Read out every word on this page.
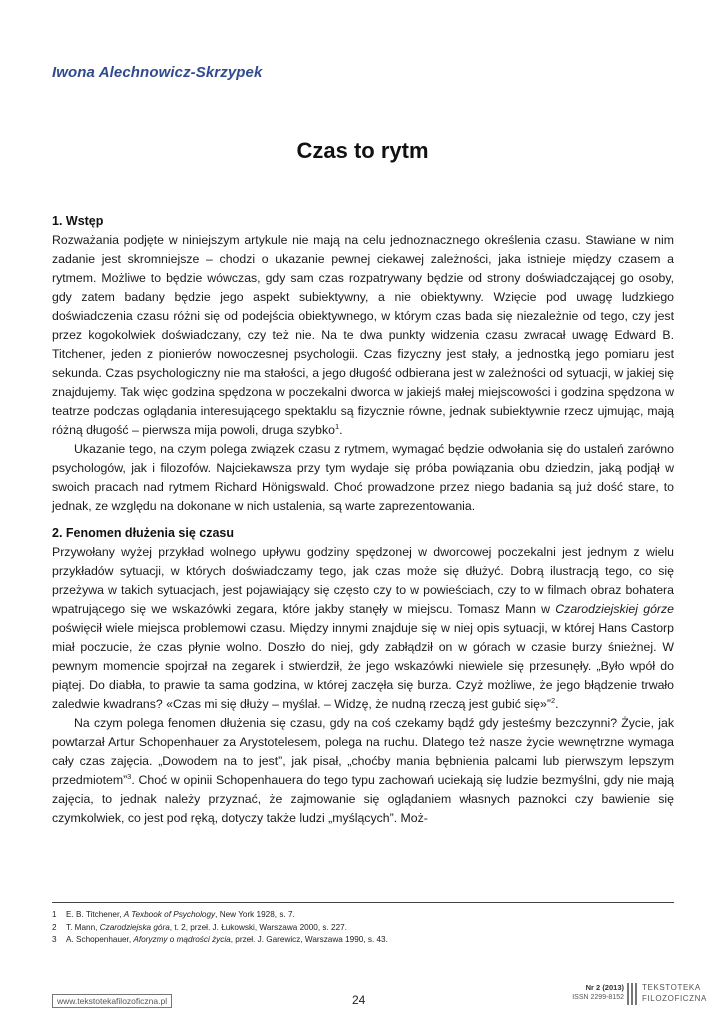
Iwona Alechnowicz-Skrzypek
Czas to rytm
1. Wstęp

Rozważania podjęte w niniejszym artykule nie mają na celu jednoznacznego określenia czasu. Stawiane w nim zadanie jest skromniejsze – chodzi o ukazanie pewnej ciekawej zależności, jaka istnieje między czasem a rytmem. Możliwe to będzie wówczas, gdy sam czas rozpatrywany będzie od strony doświadczającej go osoby, gdy zatem badany będzie jego aspekt subiektywny, a nie obiektywny. Wzięcie pod uwagę ludzkiego doświadczenia czasu różni się od podejścia obiektywnego, w którym czas bada się niezależnie od tego, czy jest przez kogokolwiek doświadczany, czy też nie. Na te dwa punkty widzenia czasu zwracał uwagę Edward B. Titchener, jeden z pionierów nowoczesnej psychologii. Czas fizyczny jest stały, a jednostką jego pomiaru jest sekunda. Czas psychologiczny nie ma stałości, a jego długość odbierana jest w zależności od sytuacji, w jakiej się znajdujemy. Tak więc godzina spędzona w poczekalni dworca w jakiejś małej miejscowości i godzina spędzona w teatrze podczas oglądania interesującego spektaklu są fizycznie równe, jednak subiektywnie rzecz ujmując, mają różną długość – pierwsza mija powoli, druga szybko$^1$.

Ukazanie tego, na czym polega związek czasu z rytmem, wymagać będzie odwołania się do ustaleń zarówno psychologów, jak i filozofów. Najciekawsza przy tym wydaje się próba powiązania obu dziedzin, jaką podjął w swoich pracach nad rytmem Richard Hönigswald. Choć prowadzone przez niego badania są już dość stare, to jednak, ze względu na dokonane w nich ustalenia, są warte zaprezentowania.

2. Fenomen dłużenia się czasu

Przywołany wyżej przykład wolnego upływu godziny spędzonej w dworcowej poczekalni jest jednym z wielu przykładów sytuacji, w których doświadczamy tego, jak czas może się dłużyć. Dobrą ilustracją tego, co się przeżywa w takich sytuacjach, jest pojawiający się często czy to w powieściach, czy to w filmach obraz bohatera wpatrującego się we wskazówki zegara, które jakby stanęły w miejscu. Tomasz Mann w Czarodziejskiej górze poświęcił wiele miejsca problemowi czasu. Między innymi znajduje się w niej opis sytuacji, w której Hans Castorp miał poczucie, że czas płynie wolno. Doszło do niej, gdy zabłądził on w górach w czasie burzy śnieżnej. W pewnym momencie spojrzał na zegarek i stwierdził, że jego wskazówki niewiele się przesunęły. „Było wpół do piątej. Do diabła, to prawie ta sama godzina, w której zaczęła się burza. Czyż możliwe, że jego błądzenie trwało zaledwie kwadrans? «Czas mi się dłuży – myślał. – Widzę, że nudną rzeczą jest gubić się»”$^2$.

Na czym polega fenomen dłużenia się czasu, gdy na coś czekamy bądź gdy jesteśmy bezczynni? Życie, jak powtarzał Artur Schopenhauer za Arystotelesem, polega na ruchu. Dlatego też nasze życie wewnętrzne wymaga cały czas zajęcia. „Dowodem na to jest”, jak pisał, „choćby mania bębnienia palcami lub pierwszym lepszym przedmiotem”$^3$. Choć w opinii Schopenhauera do tego typu zachowań uciekają się ludzie bezmyślni, gdy nie mają zajęcia, to jednak należy przyznać, że zajmowanie się oglądaniem własnych paznokci czy bawienie się czymkolwiek, co jest pod ręką, dotyczy także ludzi „myślących”. Moż-

1	E. B. Titchener, A Texbook of Psychology, New York 1928, s. 7.
2	T. Mann, Czarodziejska góra, t. 2, przeł. J. Łukowski, Warszawa 2000, s. 227.
3	A. Schopenhauer, Aforyzmy o mądrości życia, przeł. J. Garewicz, Warszawa 1990, s. 43.
www.tekstotekafilozoficzna.pl	24
Nr 2 (2013)
ISSN 2299-8152
TEKSTOTEKA
FILOZOFICZNA
